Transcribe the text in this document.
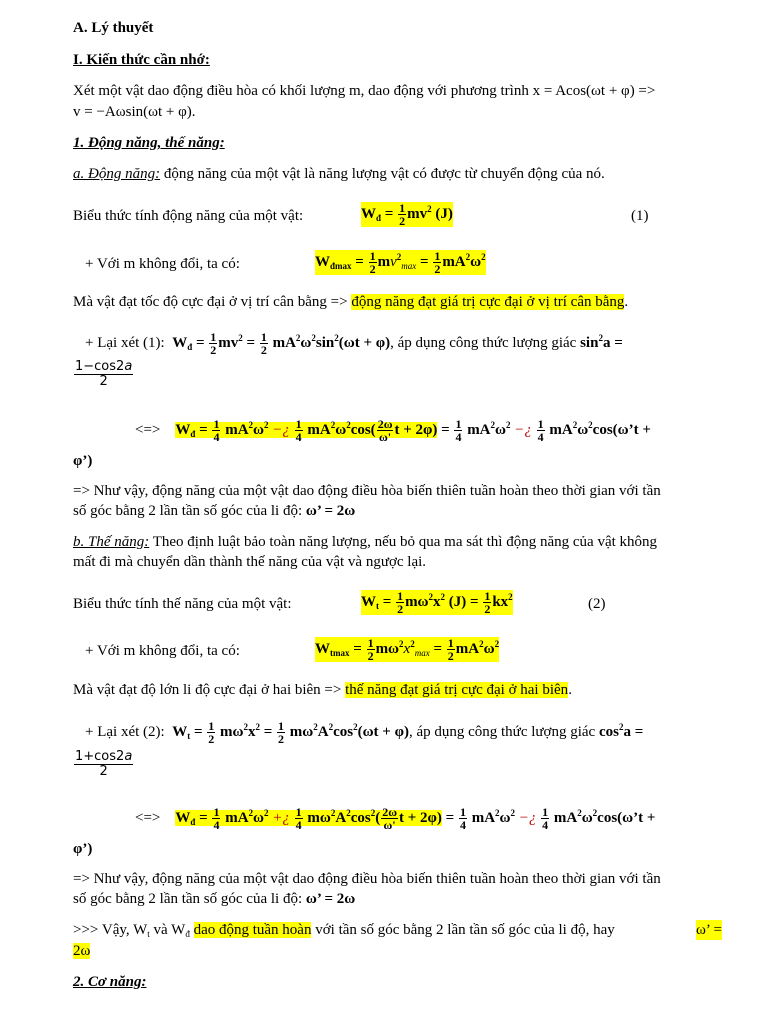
A. Lý thuyết
I. Kiến thức cần nhớ:
Xét một vật dao động điều hòa có khối lượng m, dao động với phương trình x = Acos(ωt + φ) =>
v = −Aωsin(ωt + φ).
1. Động năng, thế năng:
a. Động năng: động năng của một vật là năng lượng vật có được từ chuyển động của nó.
Biểu thức tính động năng của một vật:	$W_đ = \frac{1}{2} mv^2$ (J)	(1)
+ Với m không đổi, ta có:	$W_{đmax} = \frac{1}{2} mv^2_{max} = \frac{1}{2} mA^2\omega^2$
Mà vật đạt tốc độ cực đại ở vị trí cân bằng => động năng đạt giá trị cực đại ở vị trí cân bằng.
+ Lại xét (1):  $W_đ = \frac{1}{2} mv^2 = \frac{1}{2} mA^2\omega^2\sin^2(\omega t + \varphi)$, áp dụng công thức lượng giác $\sin^2a$ =
$\frac{1-\cos 2a}{2}$
<=>    $W_đ = \frac{1}{4} mA^2\omega^2$ −¿ $\frac{1}{4} mA^2\omega^2\cos( \frac{2\omega}{\omega'}$ $t + 2\varphi) = \frac{1}{4} mA^2\omega^2$ −¿ $\frac{1}{4}$ $mA^2\omega^2\cos(\omega’t$ +
φ’)
=> Như vậy, động năng của một vật dao động điều hòa biến thiên tuần hoàn theo thời gian với tần
số góc bằng 2 lần tần số góc của li độ: ω’ = 2ω
b. Thế năng: Theo định luật bảo toàn năng lượng, nếu bỏ qua ma sát thì động năng của vật không
mất đi mà chuyển dần thành thế năng của vật và ngược lại.
Biểu thức tính thế năng của một vật:	$W_t = \frac{1}{2} m\omega^2x^2$ $(J) = \frac{1}{2} kx^2$	(2)
+ Với m không đổi, ta có:	$W_{tmax} = \frac{1}{2} m\omega^2x^2_{max} = \frac{1}{2} mA^2\omega^2$
Mà vật đạt độ lớn li độ cực đại ở hai biên => thế năng đạt giá trị cực đại ở hai biên.
+ Lại xét (2):  $W_t = \frac{1}{2} m\omega^2x^2 = \frac{1}{2} m\omega^2A^2\cos^2(\omega t + \varphi)$, áp dụng công thức lượng giác $\cos^2a$ =
$\frac{1+\cos 2a}{2}$
<=>    $W_đ = \frac{1}{4} mA^2\omega^2$ +¿ $\frac{1}{4} m\omega^2A^2\cos^2( \frac{2\omega}{\omega'}$ $t + 2\varphi) = \frac{1}{4} mA^2\omega^2$ −¿ $\frac{1}{4}$ $mA^2\omega^2\cos(\omega’t$ +
φ’)
=> Như vậy, động năng của một vật dao động điều hòa biến thiên tuần hoàn theo thời gian với tần
số góc bằng 2 lần tần số góc của li độ: ω’ = 2ω
>>> Vậy, $W_t$ và $W_đ$ dao động tuần hoàn với tần số góc bằng 2 lần tần số góc của li độ, hay	ω’ =
2ω
2. Cơ năng:
